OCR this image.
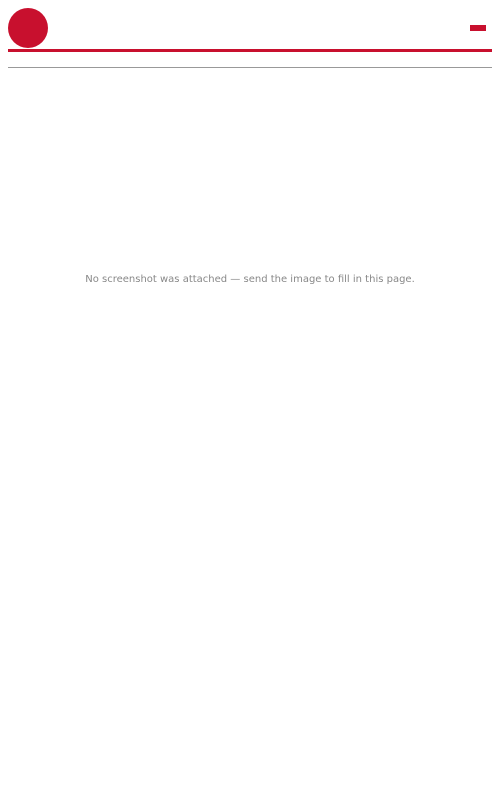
No screenshot was attached — send the image to fill in this page.
